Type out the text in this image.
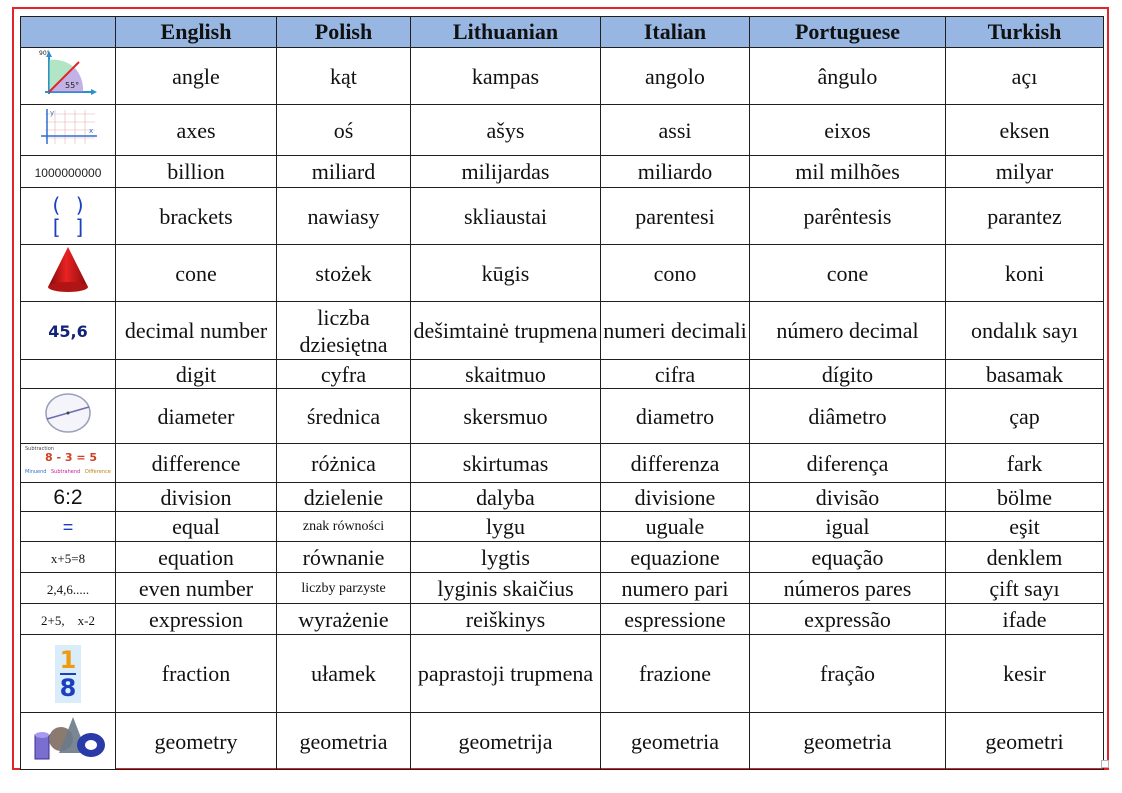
	English	Polish	Lithuanian	Italian	Portuguese	Turkish

55°
90°	angle	kąt	kampas	angolo	ângulo	açı

y
x	axes	oś	ašys	assi	eixos	eksen
1000000000	billion	miliard	milijardas	miliardo	mil milhões	milyar

( )
[ ]	brackets	nawiasy	skliaustai	parentesi	parêntesis	parantez
	cone	stożek	kūgis	cono	cone	koni
45,6	decimal number	liczba dziesiętna	dešimtainė trupmena	numeri decimali	número decimal	ondalık sayı
	digit	cyfra	skaitmuo	cifra	dígito	basamak
	diameter	średnica	skersmuo	diametro	diâmetro	çap

Subtraction
8 - 3 = 5
Minuend Subtrahend Difference	difference	różnica	skirtumas	differenza	diferença	fark
6:2	division	dzielenie	dalyba	divisione	divisão	bölme
=	equal	znak równości	lygu	uguale	igual	eşit
x+5=8	equation	równanie	lygtis	equazione	equação	denklem
2,4,6.....	even number	liczby parzyste	lyginis skaičius	numero pari	números pares	çift sayı
2+5,    x-2	expression	wyrażenie	reiškinys	espressione	expressão	ifade

$\frac{1}{8}$	fraction	ułamek	paprastoji trupmena	frazione	fração	kesir
	geometry	geometria	geometrija	geometria	geometria	geometri
